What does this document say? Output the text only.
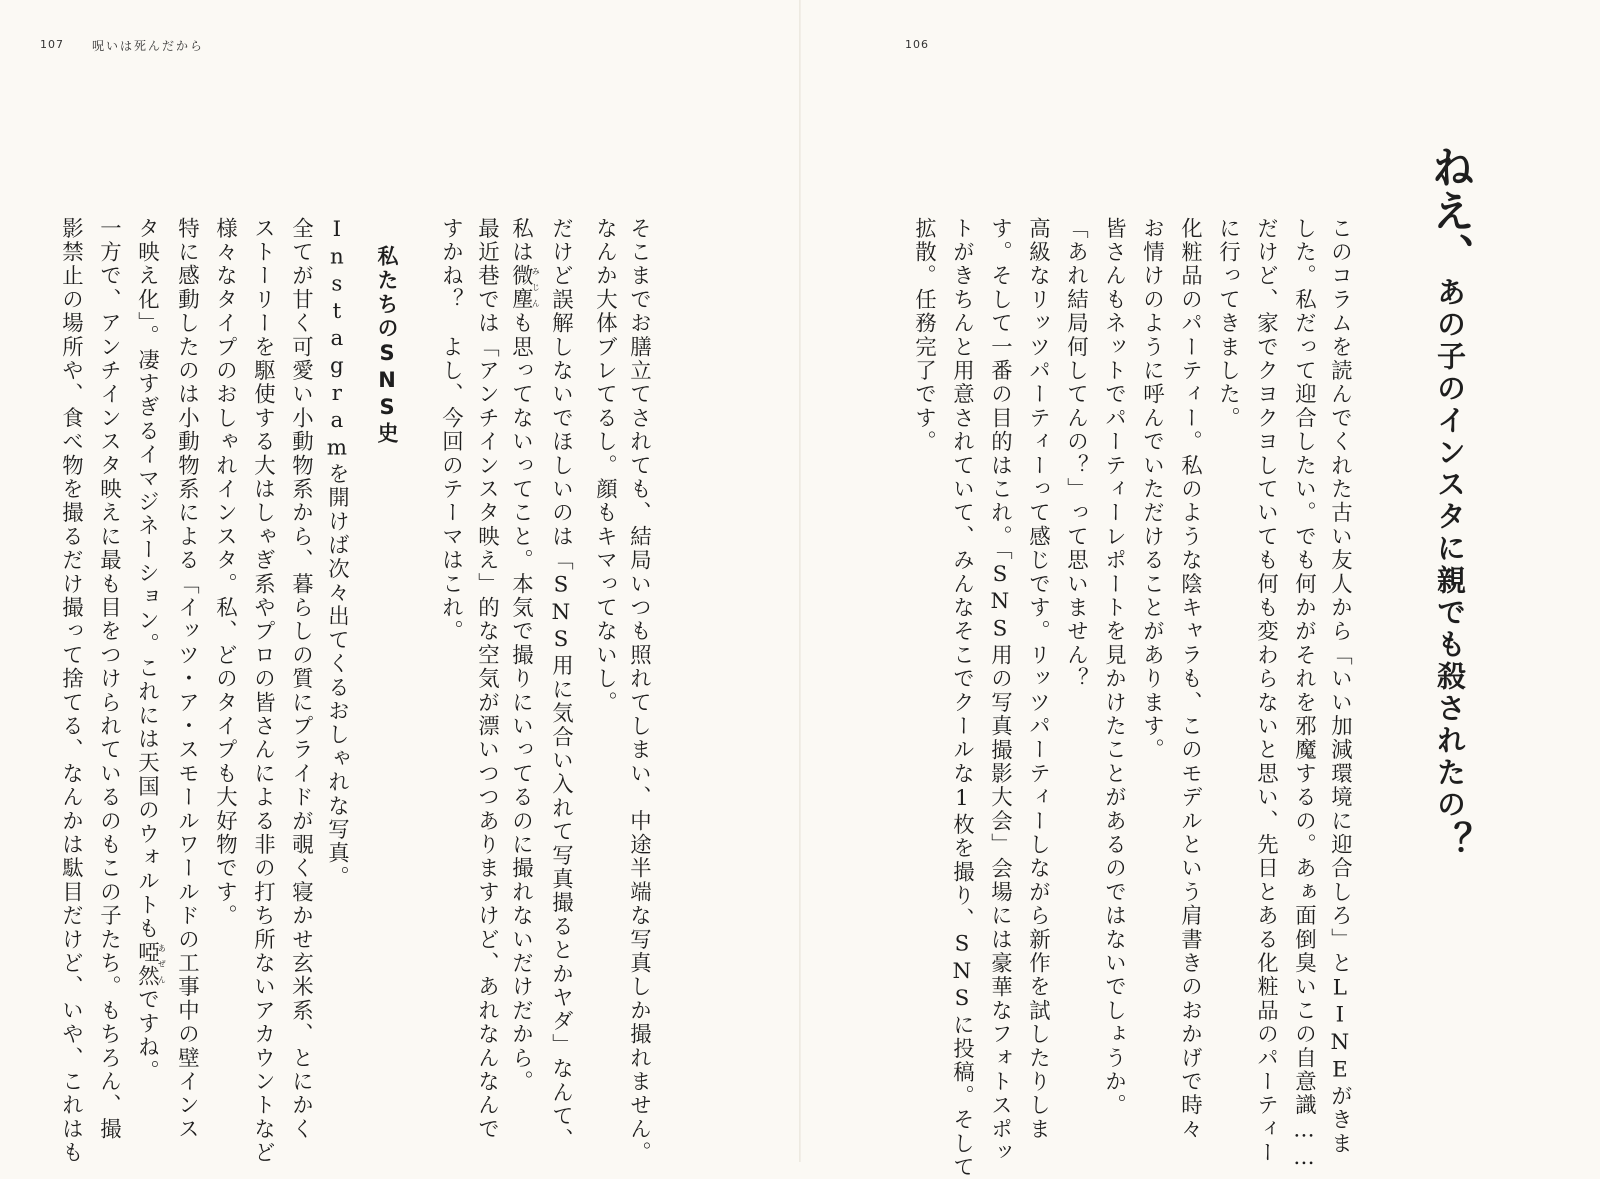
107 呪いは死んだから
そこまでお膳立てされても、結局いつも照れてしまい、中途半端な写真しか撮れません。
なんか大体ブレてるし。顔もキマってないし。
だけど誤解しないでほしいのは「SNS用に気合い入れて写真撮るとかヤダ」なんて、
私は微塵みじんも思ってないってこと。本気で撮りにいってるのに撮れないだけだから。
最近巷では「アンチインスタ映え」的な空気が漂いつつありますけど、あれなんなんで
すかね？　よし、今回のテーマはこれ。
私たちのSNS史
Instagramを開けば次々出てくるおしゃれな写真。
全てが甘く可愛い小動物系から、暮らしの質にプライドが覗く寝かせ玄米系、とにかく
ストーリーを駆使する大はしゃぎ系やプロの皆さんによる非の打ち所ないアカウントなど
様々なタイプのおしゃれインスタ。私、どのタイプも大好物です。
特に感動したのは小動物系による「イッツ・ア・スモールワールドの工事中の壁インス
タ映え化」。凄すぎるイマジネーション。これには天国のウォルトも啞然あぜんですね。
一方で、アンチインスタ映えに最も目をつけられているのもこの子たち。もちろん、撮
影禁止の場所や、食べ物を撮るだけ撮って捨てる、なんかは駄目だけど、いや、これはも
106
ねえ、あの子のインスタに親でも殺されたの？
このコラムを読んでくれた古い友人から「いい加減環境に迎合しろ」とLINEがきま
した。私だって迎合したい。でも何かがそれを邪魔するの。あぁ面倒臭いこの自意識……
だけど、家でクヨクヨしていても何も変わらないと思い、先日とある化粧品のパーティー
に行ってきました。
化粧品のパーティー。私のような陰キャラも、このモデルという肩書きのおかげで時々
お情けのように呼んでいただけることがあります。
皆さんもネットでパーティーレポートを見かけたことがあるのではないでしょうか。
「あれ結局何してんの？」って思いません？
高級なリッツパーティーって感じです。リッツパーティーしながら新作を試したりしま
す。そして一番の目的はこれ。「SNS用の写真撮影大会」会場には豪華なフォトスポッ
トがきちんと用意されていて、みんなそこでクールな1枚を撮り、SNSに投稿。そして
拡散。任務完了です。
